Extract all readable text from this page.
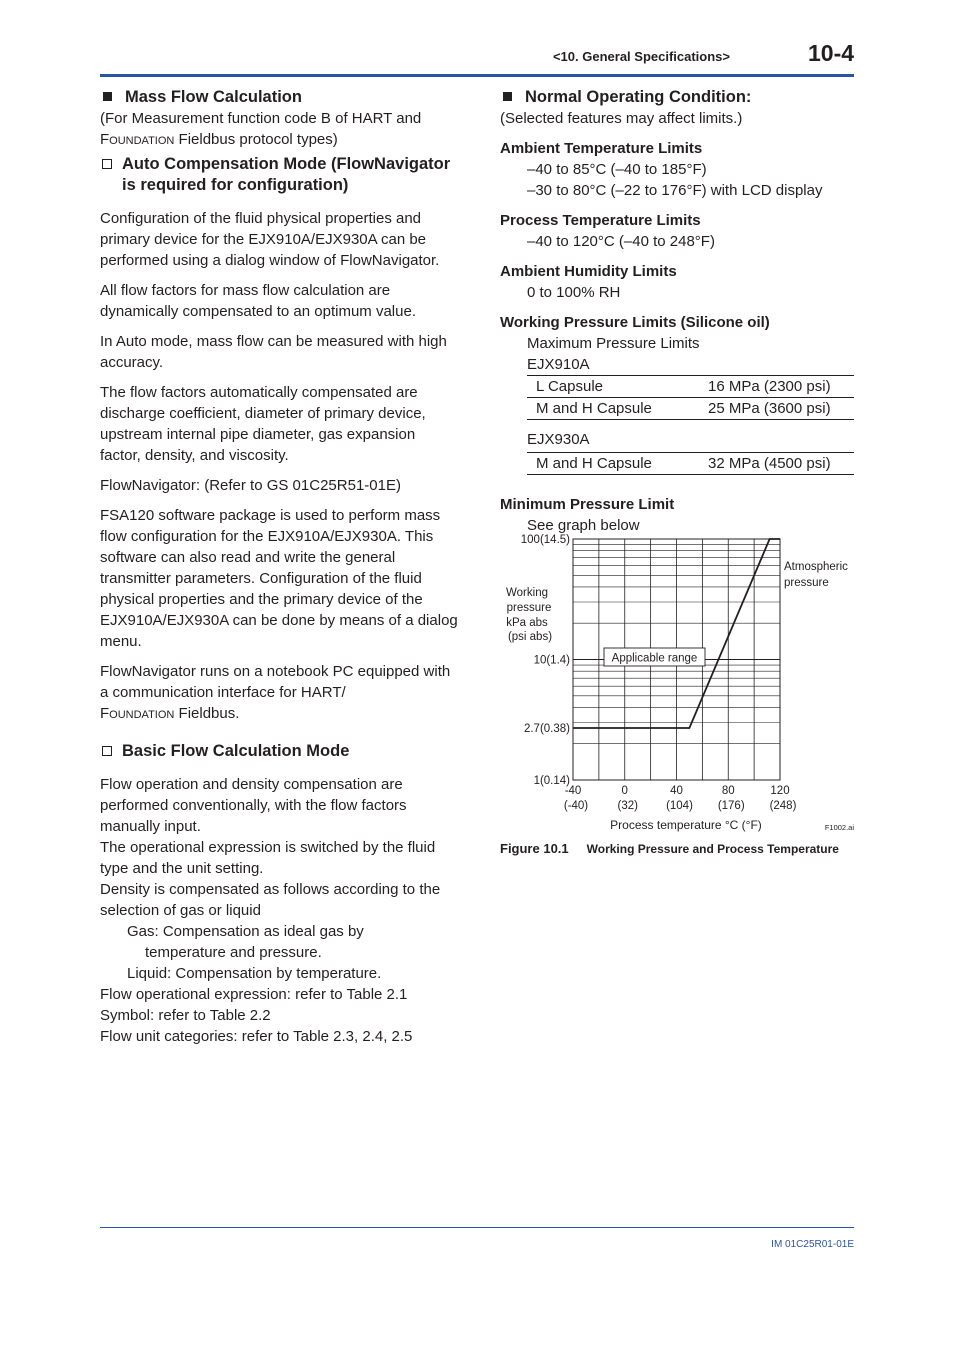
<10. General Specifications>	10-4
Mass Flow Calculation

(For Measurement function code B of HART and
Foundation Fieldbus protocol types)

Auto Compensation Mode (FlowNavigator is required for configuration)

Configuration of the fluid physical properties and primary device for the EJX910A/EJX930A can be performed using a dialog window of FlowNavigator.

All flow factors for mass flow calculation are dynamically compensated to an optimum value.

In Auto mode, mass flow can be measured with high accuracy.

The flow factors automatically compensated are discharge coefficient, diameter of primary device, upstream internal pipe diameter, gas expansion factor, density, and viscosity.

FlowNavigator: (Refer to GS 01C25R51-01E)

FSA120 software package is used to perform mass flow configuration for the EJX910A/EJX930A. This software can also read and write the general transmitter parameters. Configuration of the fluid physical properties and the primary device of the EJX910A/EJX930A can be done by means of a dialog menu.

FlowNavigator runs on a notebook PC equipped with a communication interface for HART/
Foundation Fieldbus.

Basic Flow Calculation Mode

Flow operation and density compensation are performed conventionally, with the flow factors manually input.

The operational expression is switched by the fluid type and the unit setting.

Density is compensated as follows according to the selection of gas or liquid

Gas: Compensation as ideal gas by

temperature and pressure.

Liquid: Compensation by temperature.

Flow operational expression: refer to Table 2.1

Symbol: refer to Table 2.2

Flow unit categories: refer to Table 2.3, 2.4, 2.5

Normal Operating Condition:

(Selected features may affect limits.)

Ambient Temperature Limits

–40 to 85°C (–40 to 185°F)

–30 to 80°C (–22 to 176°F) with LCD display

Process Temperature Limits

–40 to 120°C (–40 to 248°F)

Ambient Humidity Limits

0 to 100% RH

Working Pressure Limits (Silicone oil)

Maximum Pressure Limits

EJX910A

L Capsule	16 MPa (2300 psi)
M and H Capsule	25 MPa (3600 psi)

EJX930A

M and H Capsule	32 MPa (4500 psi)

Minimum Pressure Limit

See graph below

Working
pressure
kPa abs
(psi abs)
100(14.5)
10(1.4)
2.7(0.38)
1(0.14)
-40
(-40)
0
(32)
40
(104)
80
(176)
120
(248)
Applicable range
Atmospheric
pressure
Process temperature °C (°F)	F1002.ai
Figure 10.1 Working Pressure and Process Temperature
IM 01C25R01-01E
